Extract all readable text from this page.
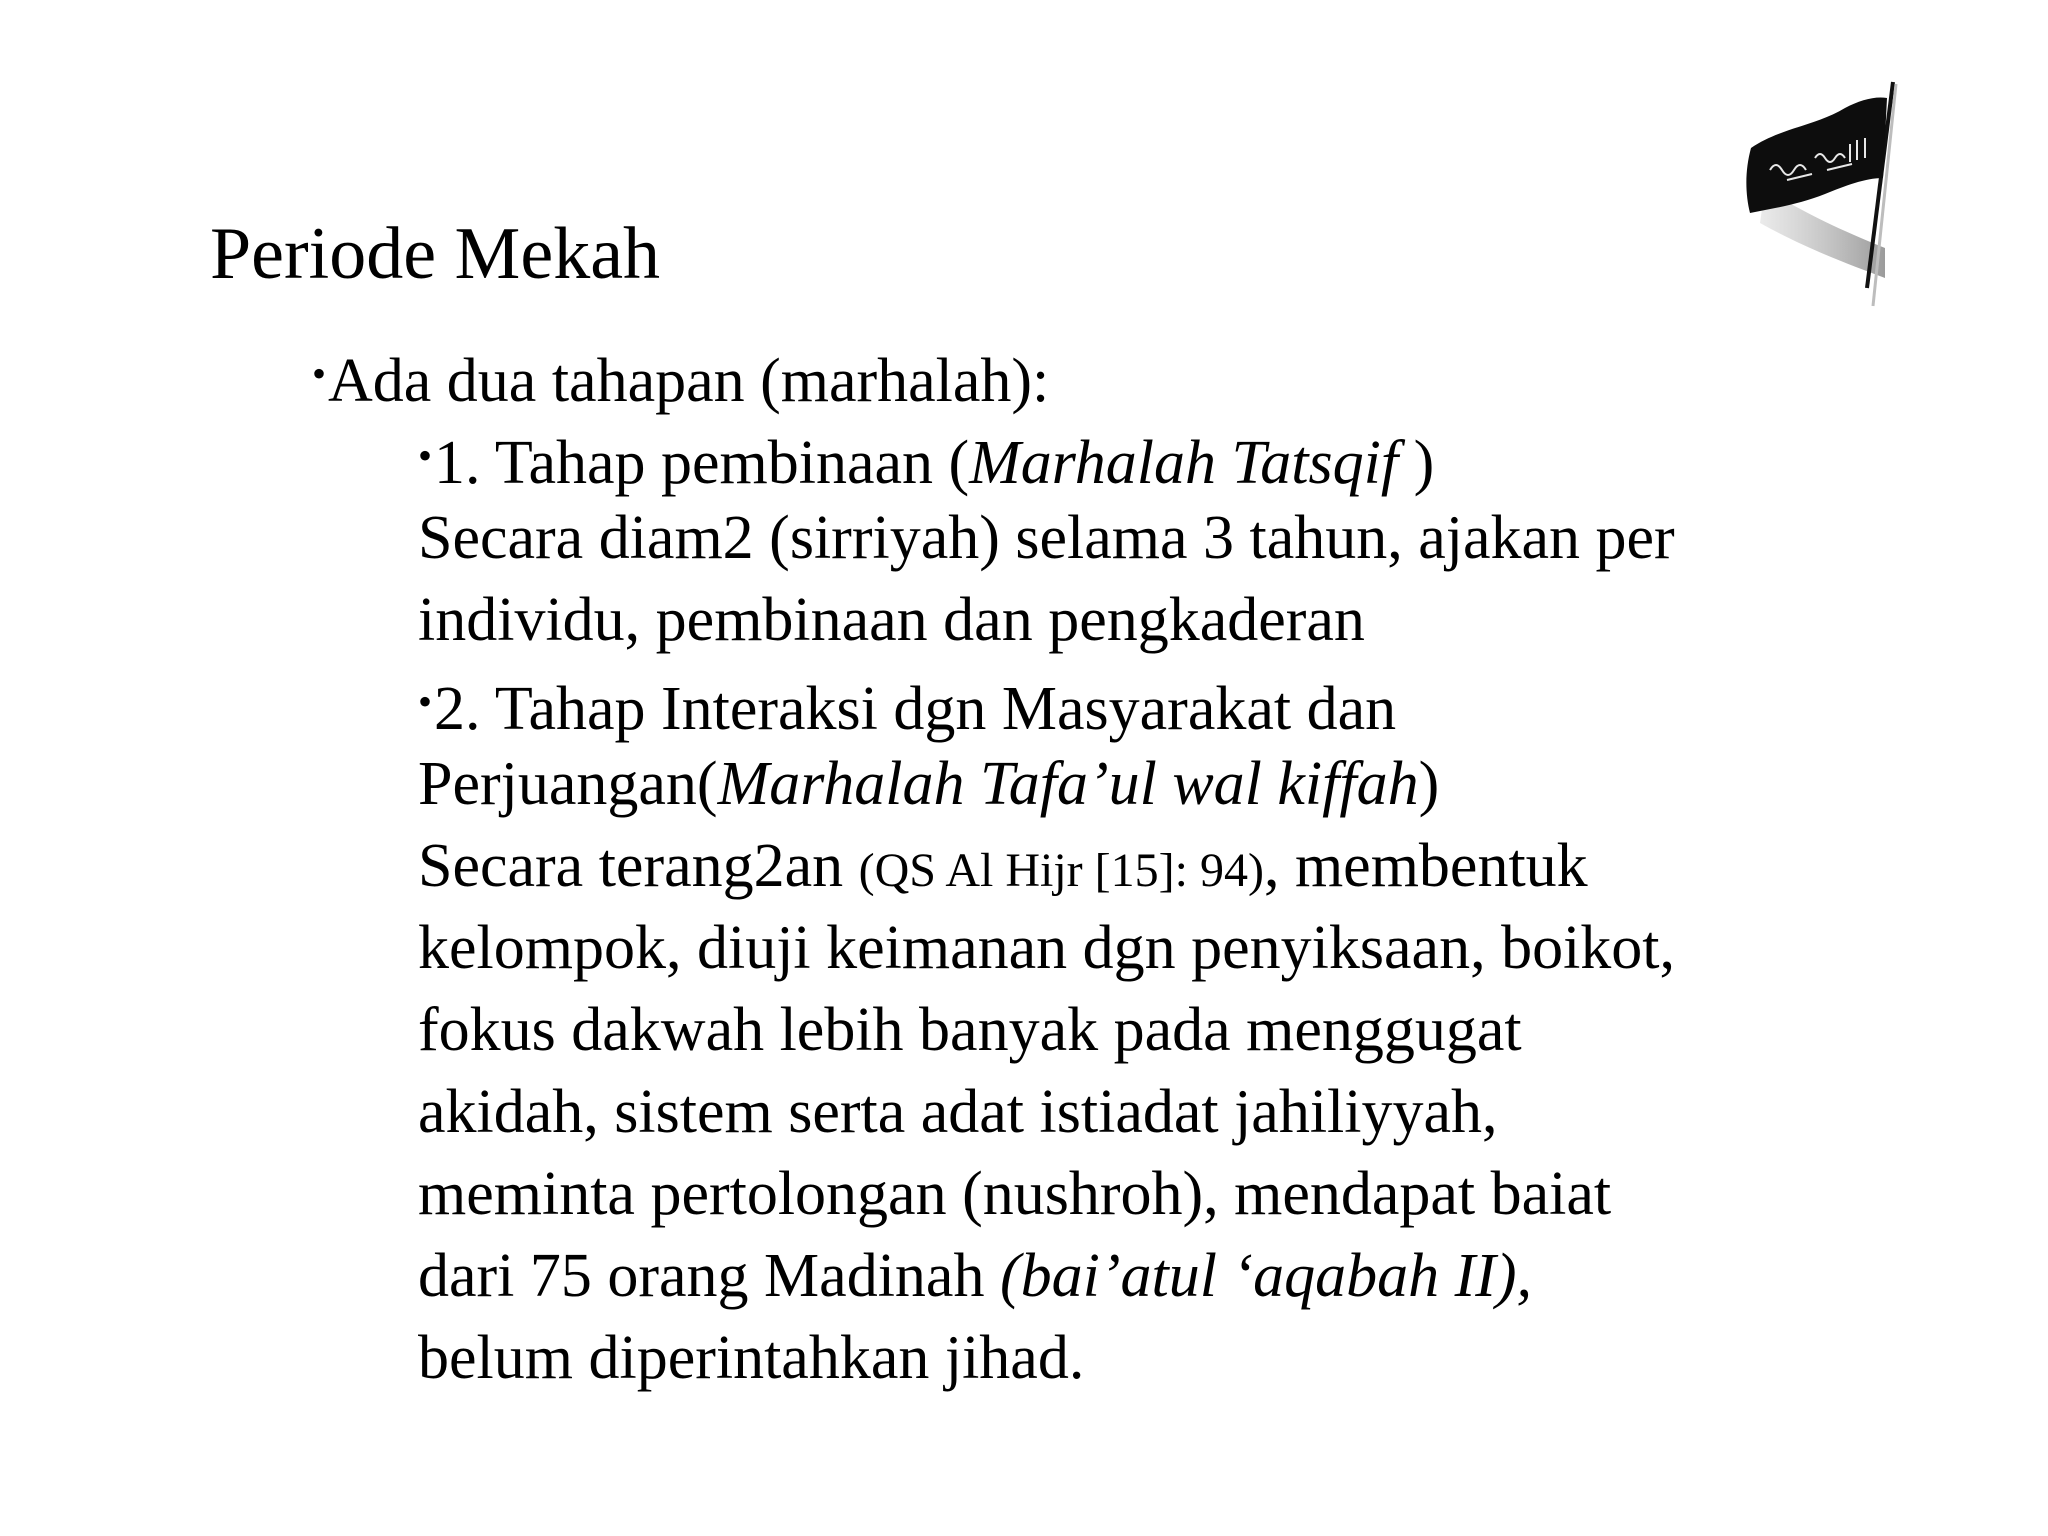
Periode Mekah
•Ada dua tahapan (marhalah):
•1. Tahap pembinaan (Marhalah Tatsqif )
Secara diam2 (sirriyah) selama 3 tahun, ajakan per
individu, pembinaan dan pengkaderan
•2. Tahap Interaksi dgn Masyarakat dan
Perjuangan(Marhalah Tafa’ul wal kiffah)
Secara terang2an (QS Al Hijr [15]: 94), membentuk
kelompok, diuji keimanan dgn penyiksaan, boikot,
fokus dakwah lebih banyak pada menggugat
akidah, sistem serta adat istiadat jahiliyyah,
meminta pertolongan (nushroh), mendapat baiat
dari 75 orang Madinah (bai’atul ‘aqabah II),
belum diperintahkan jihad.
